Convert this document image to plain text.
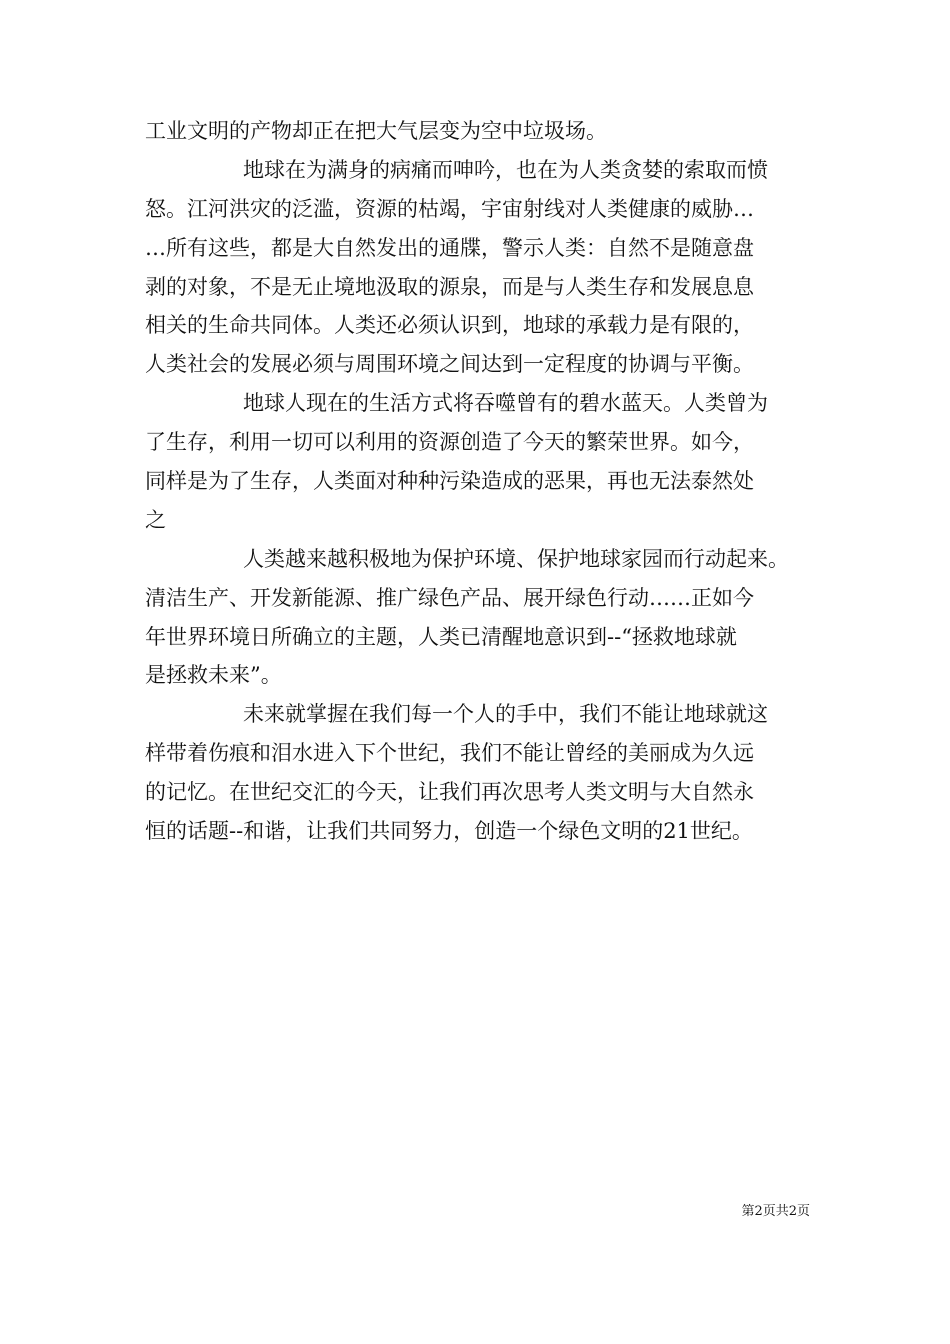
工业文明的产物却正在把大气层变为空中垃圾场。
地球在为满身的病痛而呻吟，也在为人类贪婪的索取而愤
怒。江河洪灾的泛滥，资源的枯竭，宇宙射线对人类健康的威胁…
…所有这些，都是大自然发出的通牒，警示人类：自然不是随意盘
剥的对象，不是无止境地汲取的源泉，而是与人类生存和发展息息
相关的生命共同体。人类还必须认识到，地球的承载力是有限的，
人类社会的发展必须与周围环境之间达到一定程度的协调与平衡。
地球人现在的生活方式将吞噬曾有的碧水蓝天。人类曾为
了生存，利用一切可以利用的资源创造了今天的繁荣世界。如今，
同样是为了生存，人类面对种种污染造成的恶果，再也无法泰然处
之
人类越来越积极地为保护环境、保护地球家园而行动起来。
清洁生产、开发新能源、推广绿色产品、展开绿色行动……正如今
年世界环境日所确立的主题，人类已清醒地意识到--“拯救地球就
是拯救未来”。
未来就掌握在我们每一个人的手中，我们不能让地球就这
样带着伤痕和泪水进入下个世纪，我们不能让曾经的美丽成为久远
的记忆。在世纪交汇的今天，让我们再次思考人类文明与大自然永
恒的话题--和谐，让我们共同努力，创造一个绿色文明的21世纪。
第2页共2页
